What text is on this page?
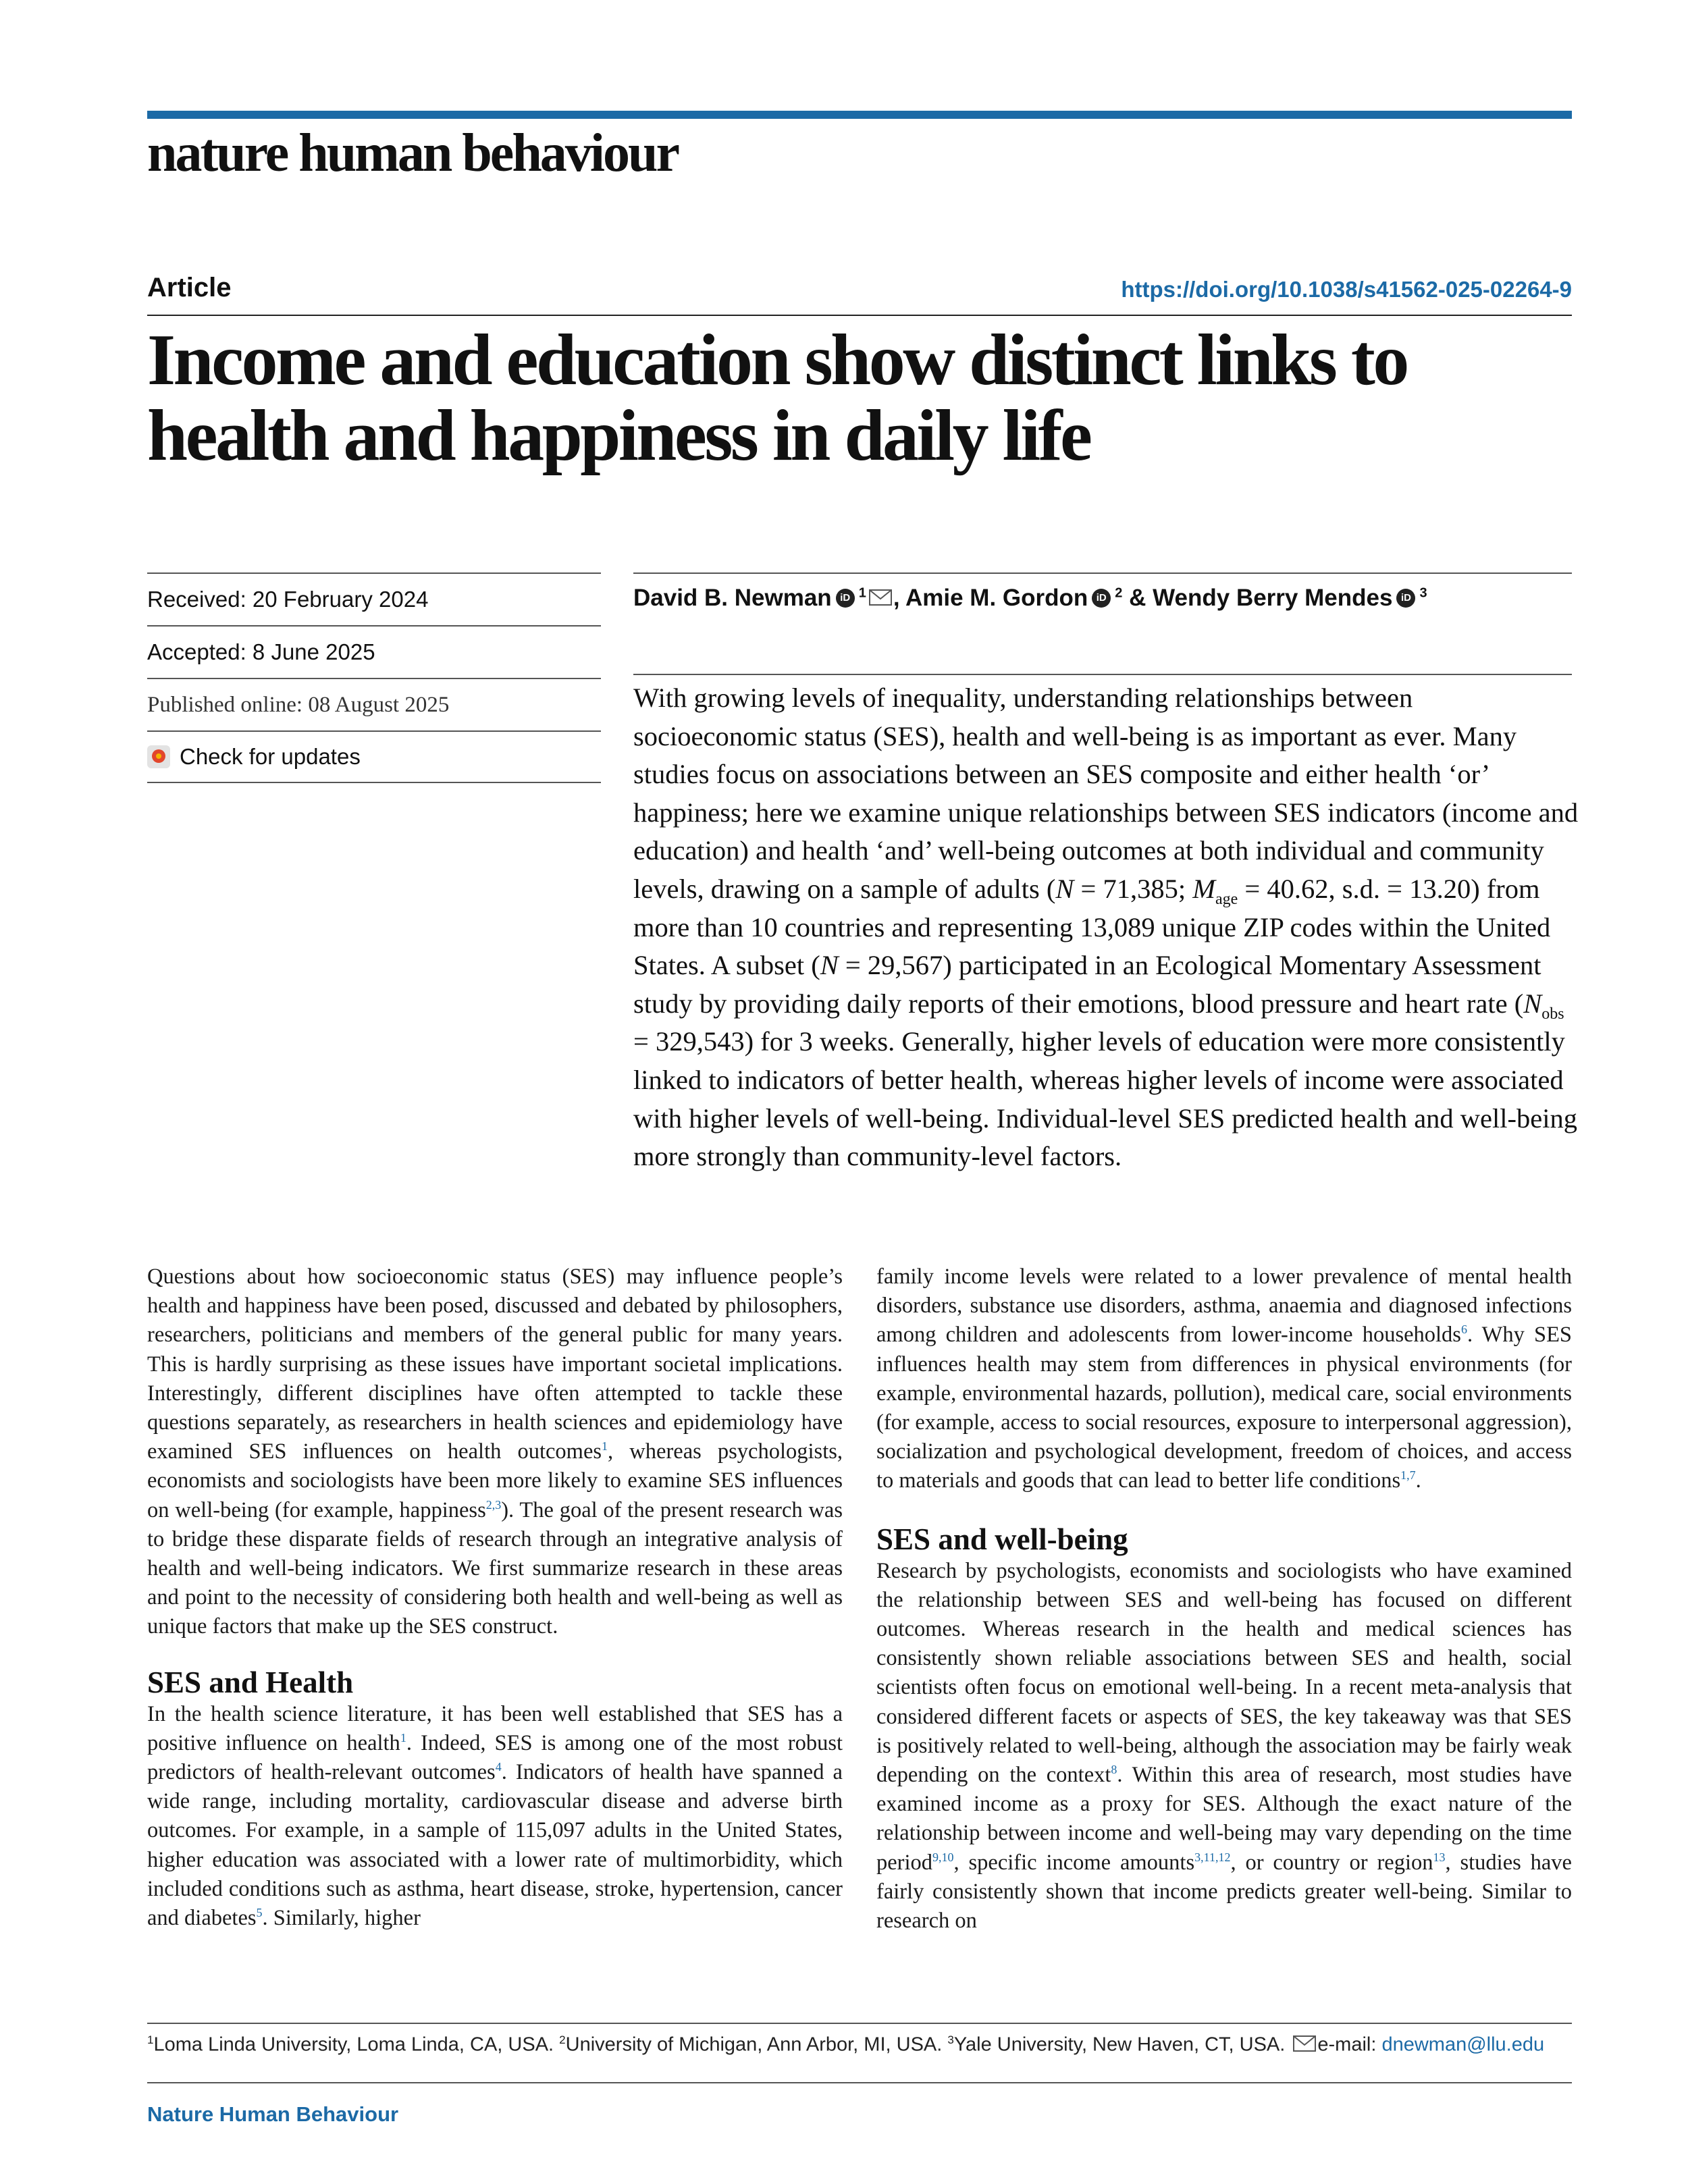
nature human behaviour
Article	https://doi.org/10.1038/s41562-025-02264-9
Income and education show distinct links to
health and happiness in daily life
Received: 20 February 2024
Accepted: 8 June 2025
Published online: 08 August 2025
Check for updates
David B. Newman iD $^1$ , Amie M. Gordon iD $^2$ & Wendy Berry Mendes iD $^3$
With growing levels of inequality, understanding relationships between socioeconomic status (SES), health and well-being is as important as ever. Many studies focus on associations between an SES composite and either health ‘or’ happiness; here we examine unique relationships between SES indicators (income and education) and health ‘and’ well-being outcomes at both individual and community levels, drawing on a sample of adults (N = 71,385; $M_{age} = 40.62$, s.d. = 13.20) from more than 10 countries and representing 13,089 unique ZIP codes within the United States. A subset (N = 29,567) participated in an Ecological Momentary Assessment study by providing daily reports of their emotions, blood pressure and heart rate $(N_{obs} = 329,543)$ for 3 weeks. Generally, higher levels of education were more consistently linked to indicators of better health, whereas higher levels of income were associated with higher levels of well-being. Individual-level SES predicted health and well-being more strongly than community-level factors.

Questions about how socioeconomic status (SES) may influence people’s health and happiness have been posed, discussed and debated by philosophers, researchers, politicians and members of the general public for many years. This is hardly surprising as these issues have important societal implications. Interestingly, different disciplines have often attempted to tackle these questions separately, as researchers in health sciences and epidemiology have examined SES influences on health outcomes$^1$, whereas psychologists, economists and sociologists have been more likely to examine SES influences on well-being (for example, happiness$^{2,3}$). The goal of the present research was to bridge these disparate fields of research through an integrative analysis of health and well-being indicators. We first summarize research in these areas and point to the necessity of considering both health and well-being as well as unique factors that make up the SES construct.

SES and Health

In the health science literature, it has been well established that SES has a positive influence on health$^1$. Indeed, SES is among one of the most robust predictors of health-relevant outcomes$^4$. Indicators of health have spanned a wide range, including mortality, cardiovascular disease and adverse birth outcomes. For example, in a sample of 115,097 adults in the United States, higher education was associated with a lower rate of multimorbidity, which included conditions such as asthma, heart disease, stroke, hypertension, cancer and diabetes$^5$. Similarly, higher

family income levels were related to a lower prevalence of mental health disorders, substance use disorders, asthma, anaemia and diagnosed infections among children and adolescents from lower-income households$^6$. Why SES influences health may stem from differences in physical environments (for example, environmental hazards, pollution), medical care, social environments (for example, access to social resources, exposure to interpersonal aggression), socialization and psychological development, freedom of choices, and access to materials and goods that can lead to better life conditions$^{1,7}$.

SES and well-being

Research by psychologists, economists and sociologists who have examined the relationship between SES and well-being has focused on different outcomes. Whereas research in the health and medical sciences has consistently shown reliable associations between SES and health, social scientists often focus on emotional well-being. In a recent meta-analysis that considered different facets or aspects of SES, the key takeaway was that SES is positively related to well-being, although the association may be fairly weak depending on the context$^8$. Within this area of research, most studies have examined income as a proxy for SES. Although the exact nature of the relationship between income and well-being may vary depending on the time period$^{9,10}$, specific income amounts$^{3,11,12}$, or country or region$^{13}$, studies have fairly consistently shown that income predicts greater well-being. Similar to research on

$^1$Loma Linda University, Loma Linda, CA, USA. $^2$University of Michigan, Ann Arbor, MI, USA. $^3$Yale University, New Haven, CT, USA. e-mail: dnewman@llu.edu
Nature Human Behaviour
